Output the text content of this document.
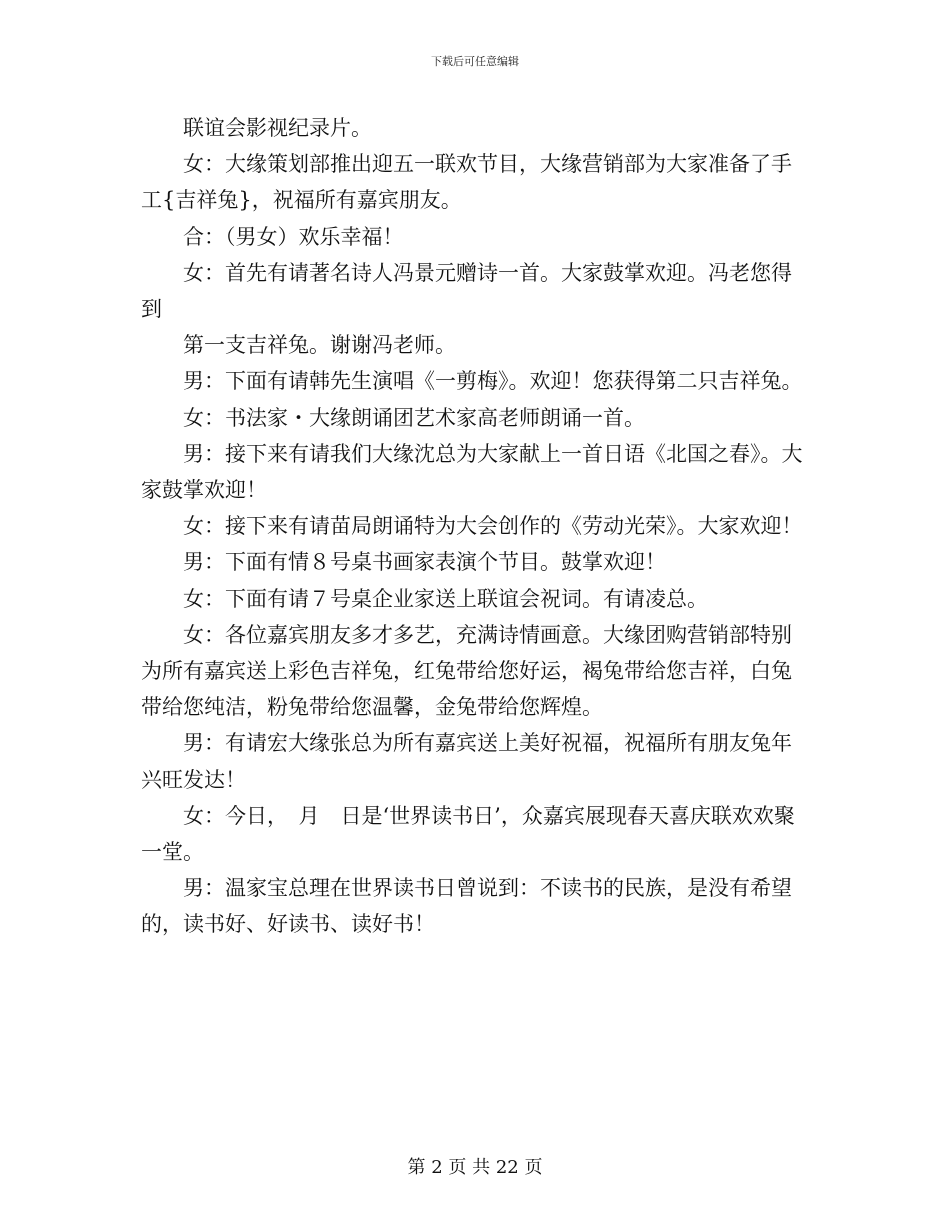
下载后可任意编辑

联谊会影视纪录片。

女：大缘策划部推出迎五一联欢节目，大缘营销部为大家准备了手工{吉祥兔}，祝福所有嘉宾朋友。

合：（男女）欢乐幸福！

女：首先有请著名诗人冯景元赠诗一首。大家鼓掌欢迎。冯老您得到

第一支吉祥兔。谢谢冯老师。

男：下面有请韩先生演唱《一剪梅》。欢迎！您获得第二只吉祥兔。

女：书法家・大缘朗诵团艺术家高老师朗诵一首。

男：接下来有请我们大缘沈总为大家献上一首日语《北国之春》。大家鼓掌欢迎！

女：接下来有请苗局朗诵特为大会创作的《劳动光荣》。大家欢迎！

男：下面有情８号桌书画家表演个节目。鼓掌欢迎！

女：下面有请７号桌企业家送上联谊会祝词。有请凌总。

女：各位嘉宾朋友多才多艺，充满诗情画意。大缘团购营销部特别为所有嘉宾送上彩色吉祥兔，红兔带给您好运，褐兔带给您吉祥，白兔带给您纯洁，粉兔带给您温馨，金兔带给您辉煌。

男：有请宏大缘张总为所有嘉宾送上美好祝福，祝福所有朋友兔年兴旺发达！

女：今日，　月　日是‘世界读书日’，众嘉宾展现春天喜庆联欢欢聚一堂。

男：温家宝总理在世界读书日曾说到：不读书的民族，是没有希望的，读书好、好读书、读好书！

第 2 页 共 22 页
